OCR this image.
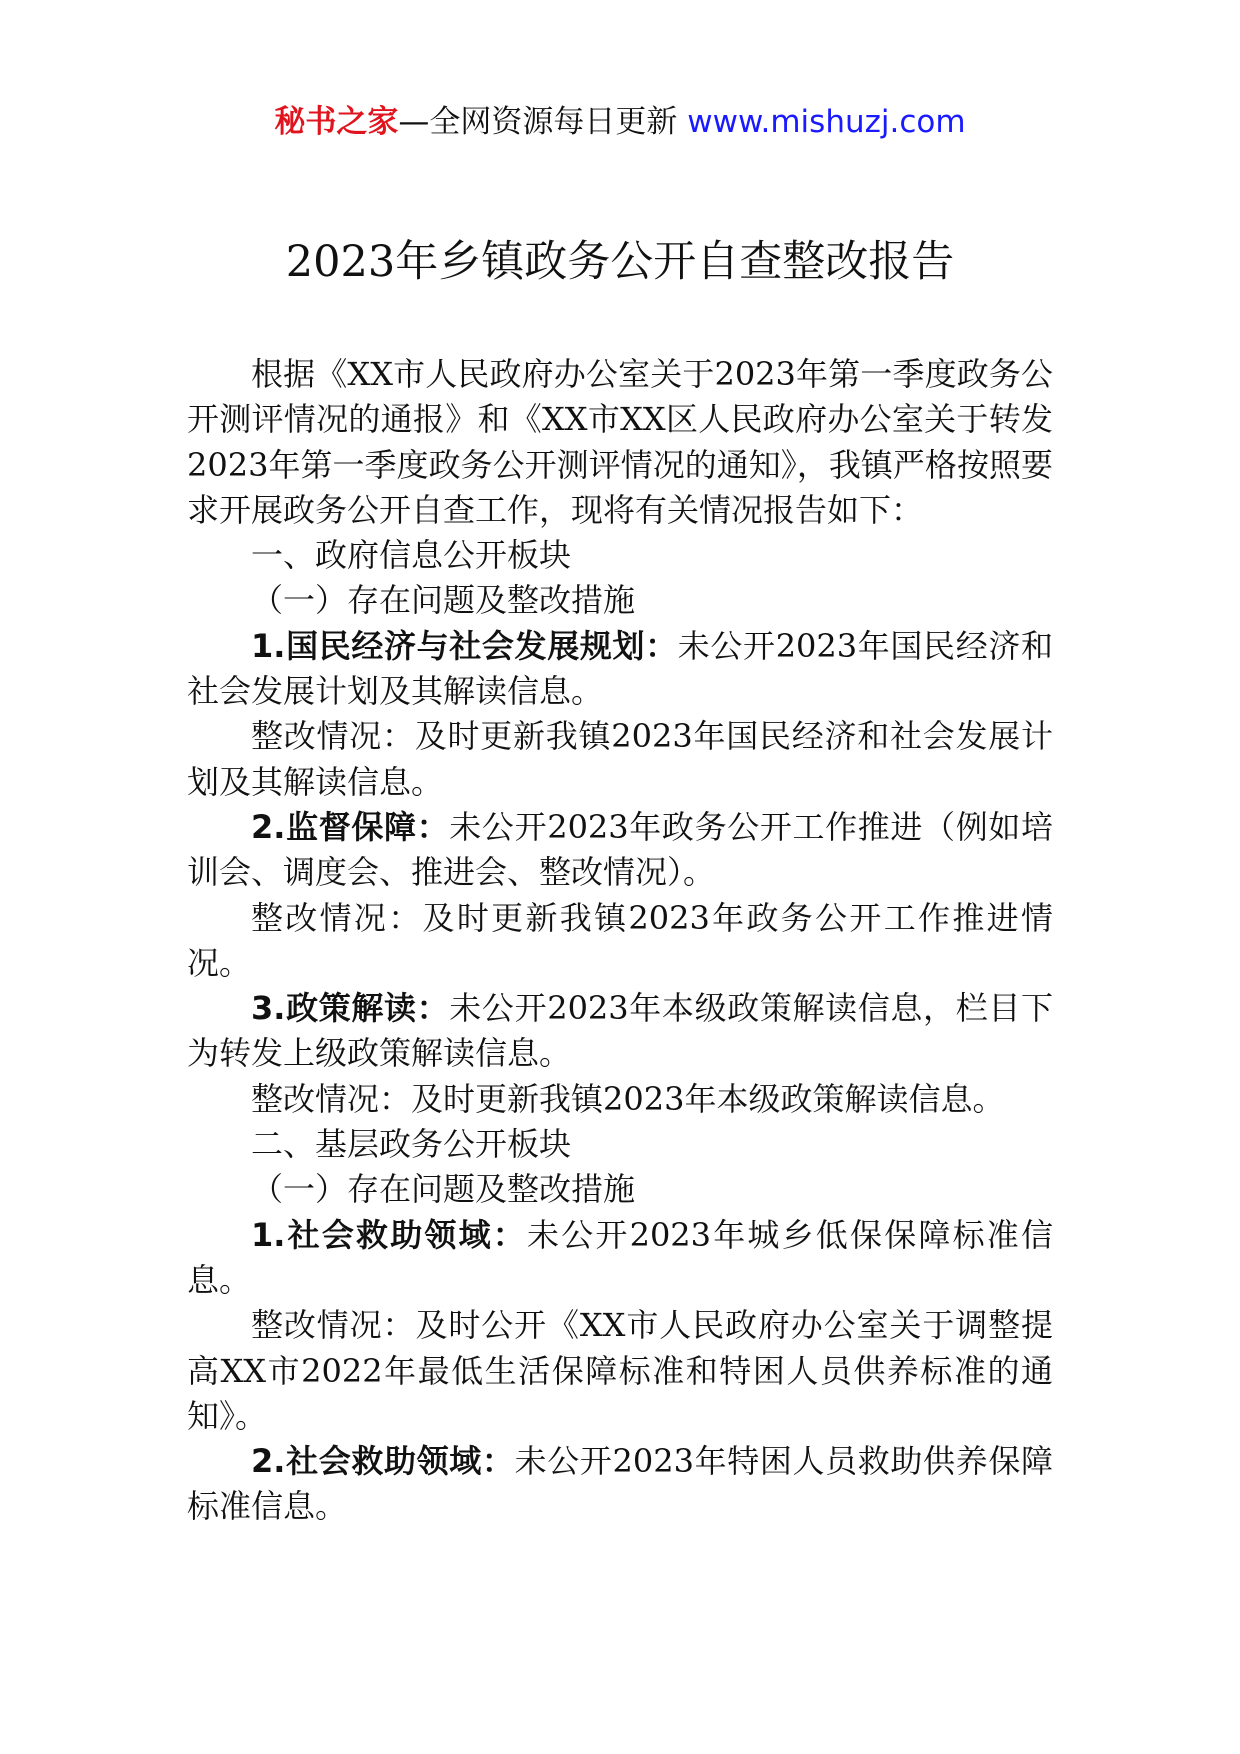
秘书之家—全网资源每日更新 www.mishuzj.com
2023年乡镇政务公开自查整改报告

根据《XX市人民政府办公室关于2023年第一季度政务公开测评情况的通报》和《XX市XX区人民政府办公室关于转发2023年第一季度政务公开测评情况的通知》，我镇严格按照要求开展政务公开自查工作，现将有关情况报告如下：

一、政府信息公开板块

（一）存在问题及整改措施

1.国民经济与社会发展规划：未公开2023年国民经济和社会发展计划及其解读信息。

整改情况：及时更新我镇2023年国民经济和社会发展计划及其解读信息。

2.监督保障：未公开2023年政务公开工作推进（例如培训会、调度会、推进会、整改情况）。

整改情况：及时更新我镇2023年政务公开工作推进情况。

3.政策解读：未公开2023年本级政策解读信息，栏目下为转发上级政策解读信息。

整改情况：及时更新我镇2023年本级政策解读信息。

二、基层政务公开板块

（一）存在问题及整改措施

1.社会救助领域：未公开2023年城乡低保保障标准信息。

整改情况：及时公开《XX市人民政府办公室关于调整提高XX市2022年最低生活保障标准和特困人员供养标准的通知》。

2.社会救助领域：未公开2023年特困人员救助供养保障标准信息。
